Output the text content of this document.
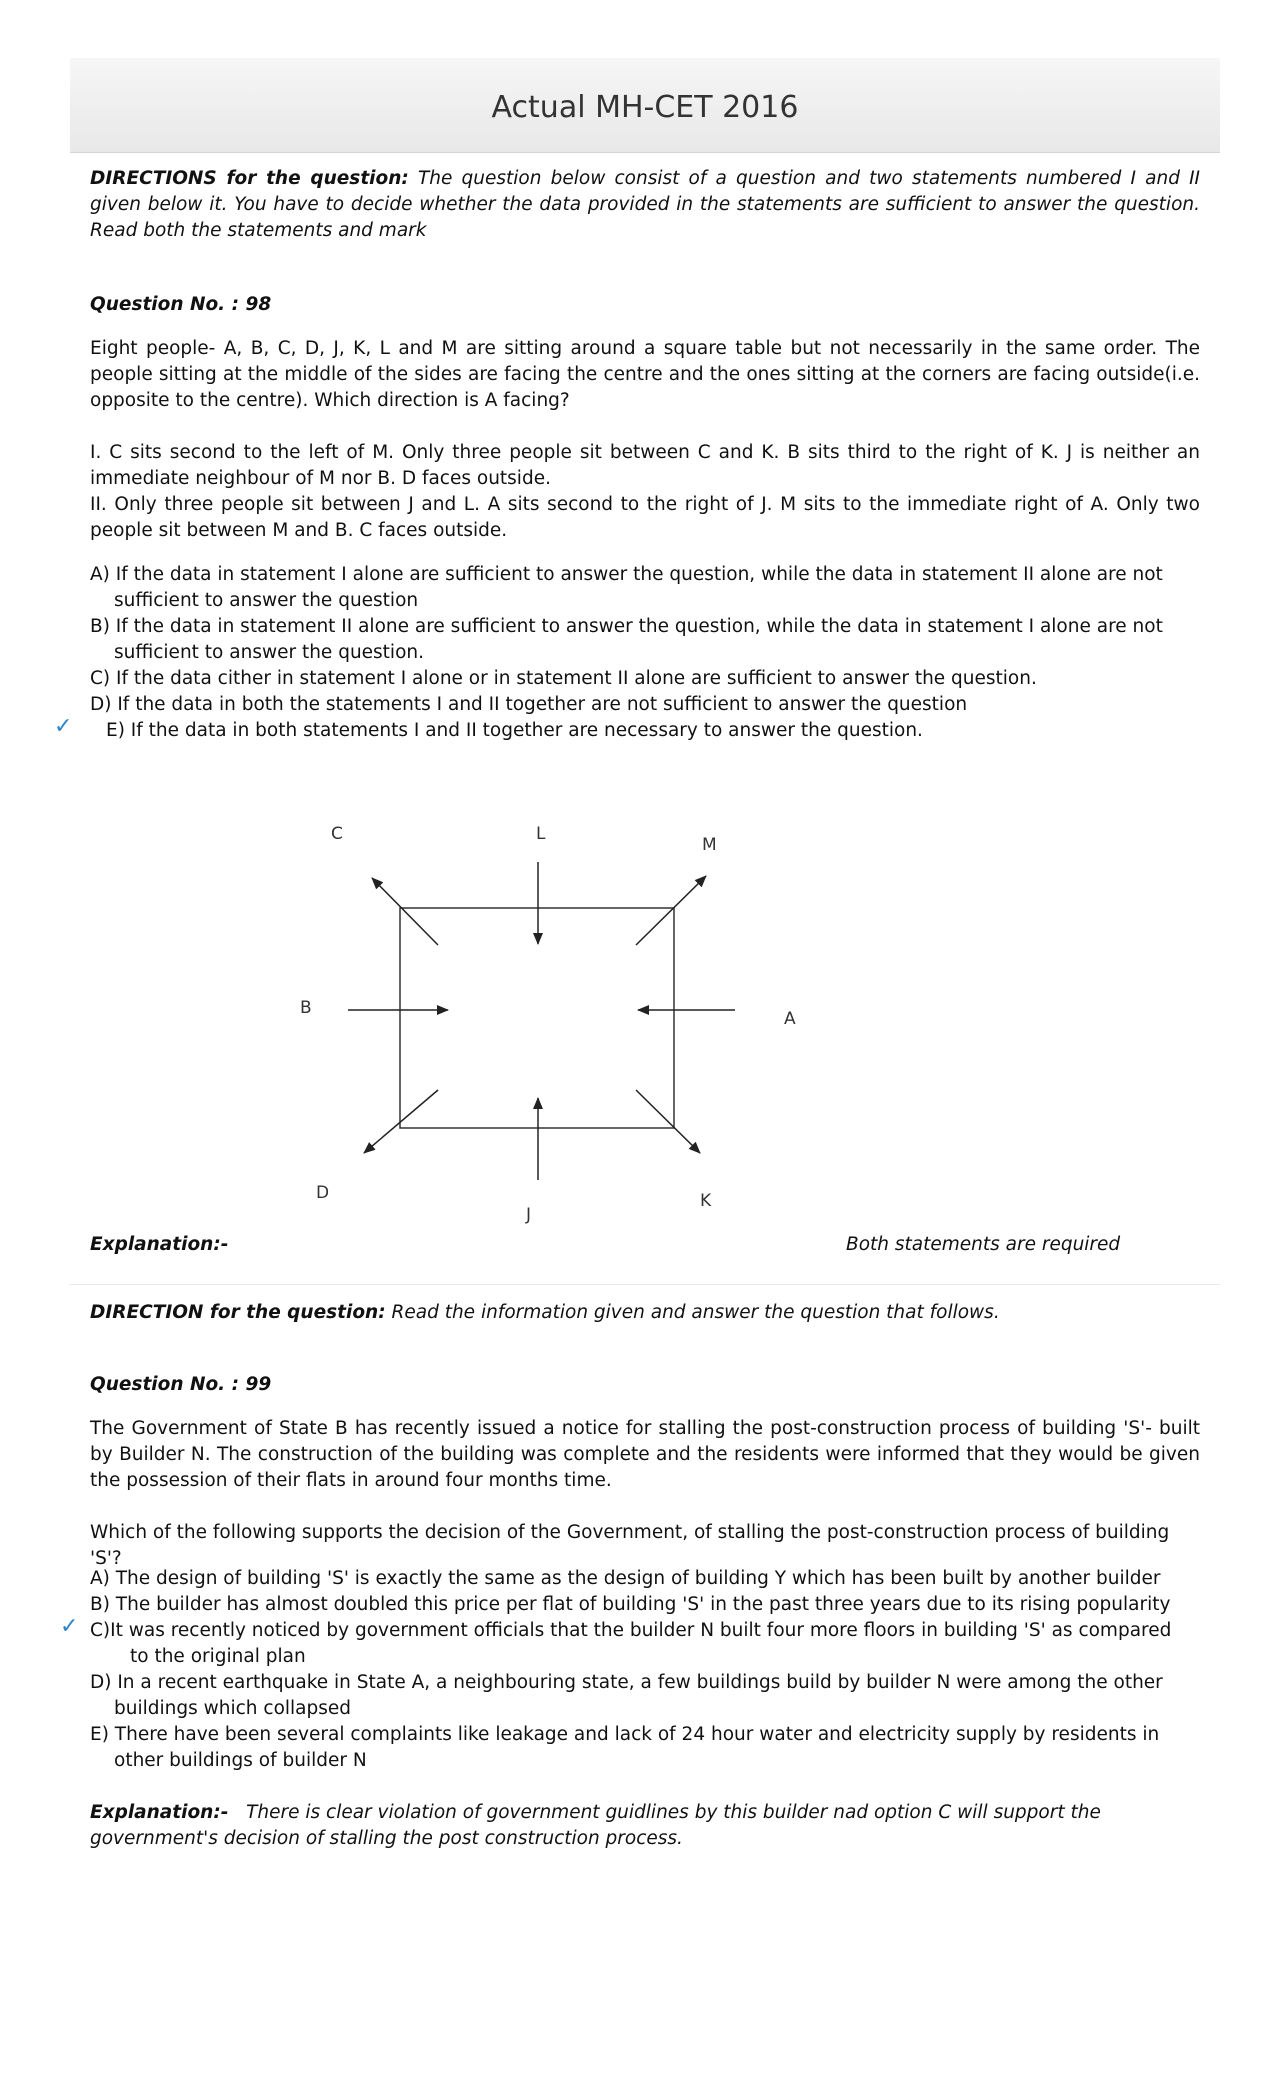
Actual MH-CET 2016
DIRECTIONS for the question: The question below consist of a question and two statements numbered I and II given below it. You have to decide whether the data provided in the statements are sufficient to answer the question. Read both the statements and mark
Question No. : 98
Eight people- A, B, C, D, J, K, L and M are sitting around a square table but not necessarily in the same order. The people sitting at the middle of the sides are facing the centre and the ones sitting at the corners are facing outside(i.e. opposite to the centre). Which direction is A facing?
I. C sits second to the left of M. Only three people sit between C and K. B sits third to the right of K. J is neither an immediate neighbour of M nor B. D faces outside.
II. Only three people sit between J and L. A sits second to the right of J. M sits to the immediate right of A. Only two people sit between M and B. C faces outside.
A) If the data in statement I alone are sufficient to answer the question, while the data in statement II alone are not sufficient to answer the question
B) If the data in statement II alone are sufficient to answer the question, while the data in statement I alone are not sufficient to answer the question.
C) If the data cither in statement I alone or in statement II alone are sufficient to answer the question.
D) If the data in both the statements I and II together are not sufficient to answer the question
✓	E) If the data in both statements I and II together are necessary to answer the question.
C	L
M
B
A
D
J
K
Explanation:-	Both statements are required
DIRECTION for the question: Read the information given and answer the question that follows.
Question No. : 99
The Government of State B has recently issued a notice for stalling the post-construction process of building 'S'- built by Builder N. The construction of the building was complete and the residents were informed that they would be given the possession of their flats in around four months time.
Which of the following supports the decision of the Government, of stalling the post-construction process of building 'S'?
A) The design of building 'S' is exactly the same as the design of building Y which has been built by another builder
B) The builder has almost doubled this price per flat of building 'S' in the past three years due to its rising popularity
✓ C)It was recently noticed by government officials that the builder N built four more floors in building 'S' as compared to the original plan
D) In a recent earthquake in State A, a neighbouring state, a few buildings build by builder N were among the other buildings which collapsed
E) There have been several complaints like leakage and lack of 24 hour water and electricity supply by residents in other buildings of builder N
Explanation:- There is clear violation of government guidlines by this builder nad option C will support the government's decision of stalling the post construction process.
